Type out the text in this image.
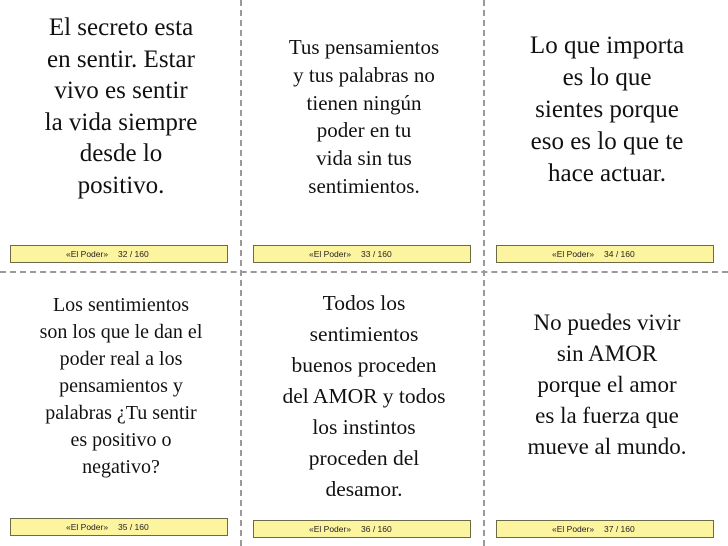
El secreto esta
en sentir. Estar
vivo es sentir
la vida siempre
desde lo
positivo.
«El Poder» 32 / 160
Tus pensamientos
y tus palabras no
tienen ningún
poder en tu
vida sin tus
sentimientos.
«El Poder» 33 / 160
Lo que importa
es lo que
sientes porque
eso es lo que te
hace actuar.
«El Poder» 34 / 160
Los sentimientos
son los que le dan el
poder real a los
pensamientos y
palabras ¿Tu sentir
es positivo o
negativo?
«El Poder» 35 / 160
Todos los
sentimientos
buenos proceden
del AMOR y todos
los instintos
proceden del
desamor.
«El Poder» 36 / 160
No puedes vivir
sin AMOR
porque el amor
es la fuerza que
mueve al mundo.
«El Poder» 37 / 160
